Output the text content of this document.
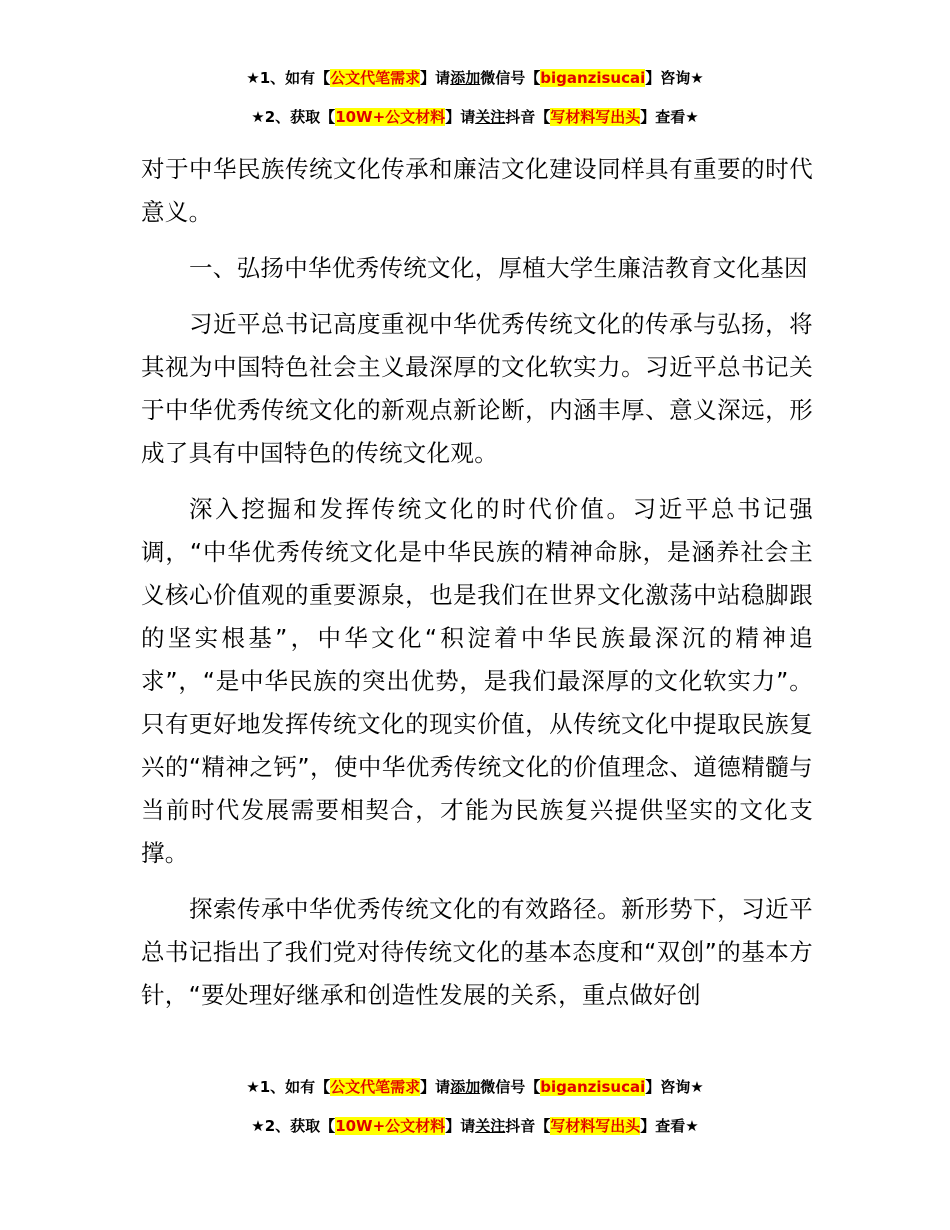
★1、如有【公文代笔需求】请添加微信号【biganzisucai】咨询★
★2、获取【10W+公文材料】请关注抖音【写材料写出头】查看★

对于中华民族传统文化传承和廉洁文化建设同样具有重要的时代意义。

一、弘扬中华优秀传统文化，厚植大学生廉洁教育文化基因

习近平总书记高度重视中华优秀传统文化的传承与弘扬，将其视为中国特色社会主义最深厚的文化软实力。习近平总书记关于中华优秀传统文化的新观点新论断，内涵丰厚、意义深远，形成了具有中国特色的传统文化观。

深入挖掘和发挥传统文化的时代价值。习近平总书记强调，“中华优秀传统文化是中华民族的精神命脉，是涵养社会主义核心价值观的重要源泉，也是我们在世界文化激荡中站稳脚跟的坚实根基”，中华文化“积淀着中华民族最深沉的精神追求”，“是中华民族的突出优势，是我们最深厚的文化软实力”。只有更好地发挥传统文化的现实价值，从传统文化中提取民族复兴的“精神之钙”，使中华优秀传统文化的价值理念、道德精髓与当前时代发展需要相契合，才能为民族复兴提供坚实的文化支撑。

探索传承中华优秀传统文化的有效路径。新形势下，习近平总书记指出了我们党对待传统文化的基本态度和“双创”的基本方针，“要处理好继承和创造性发展的关系，重点做好创

★1、如有【公文代笔需求】请添加微信号【biganzisucai】咨询★
★2、获取【10W+公文材料】请关注抖音【写材料写出头】查看★
